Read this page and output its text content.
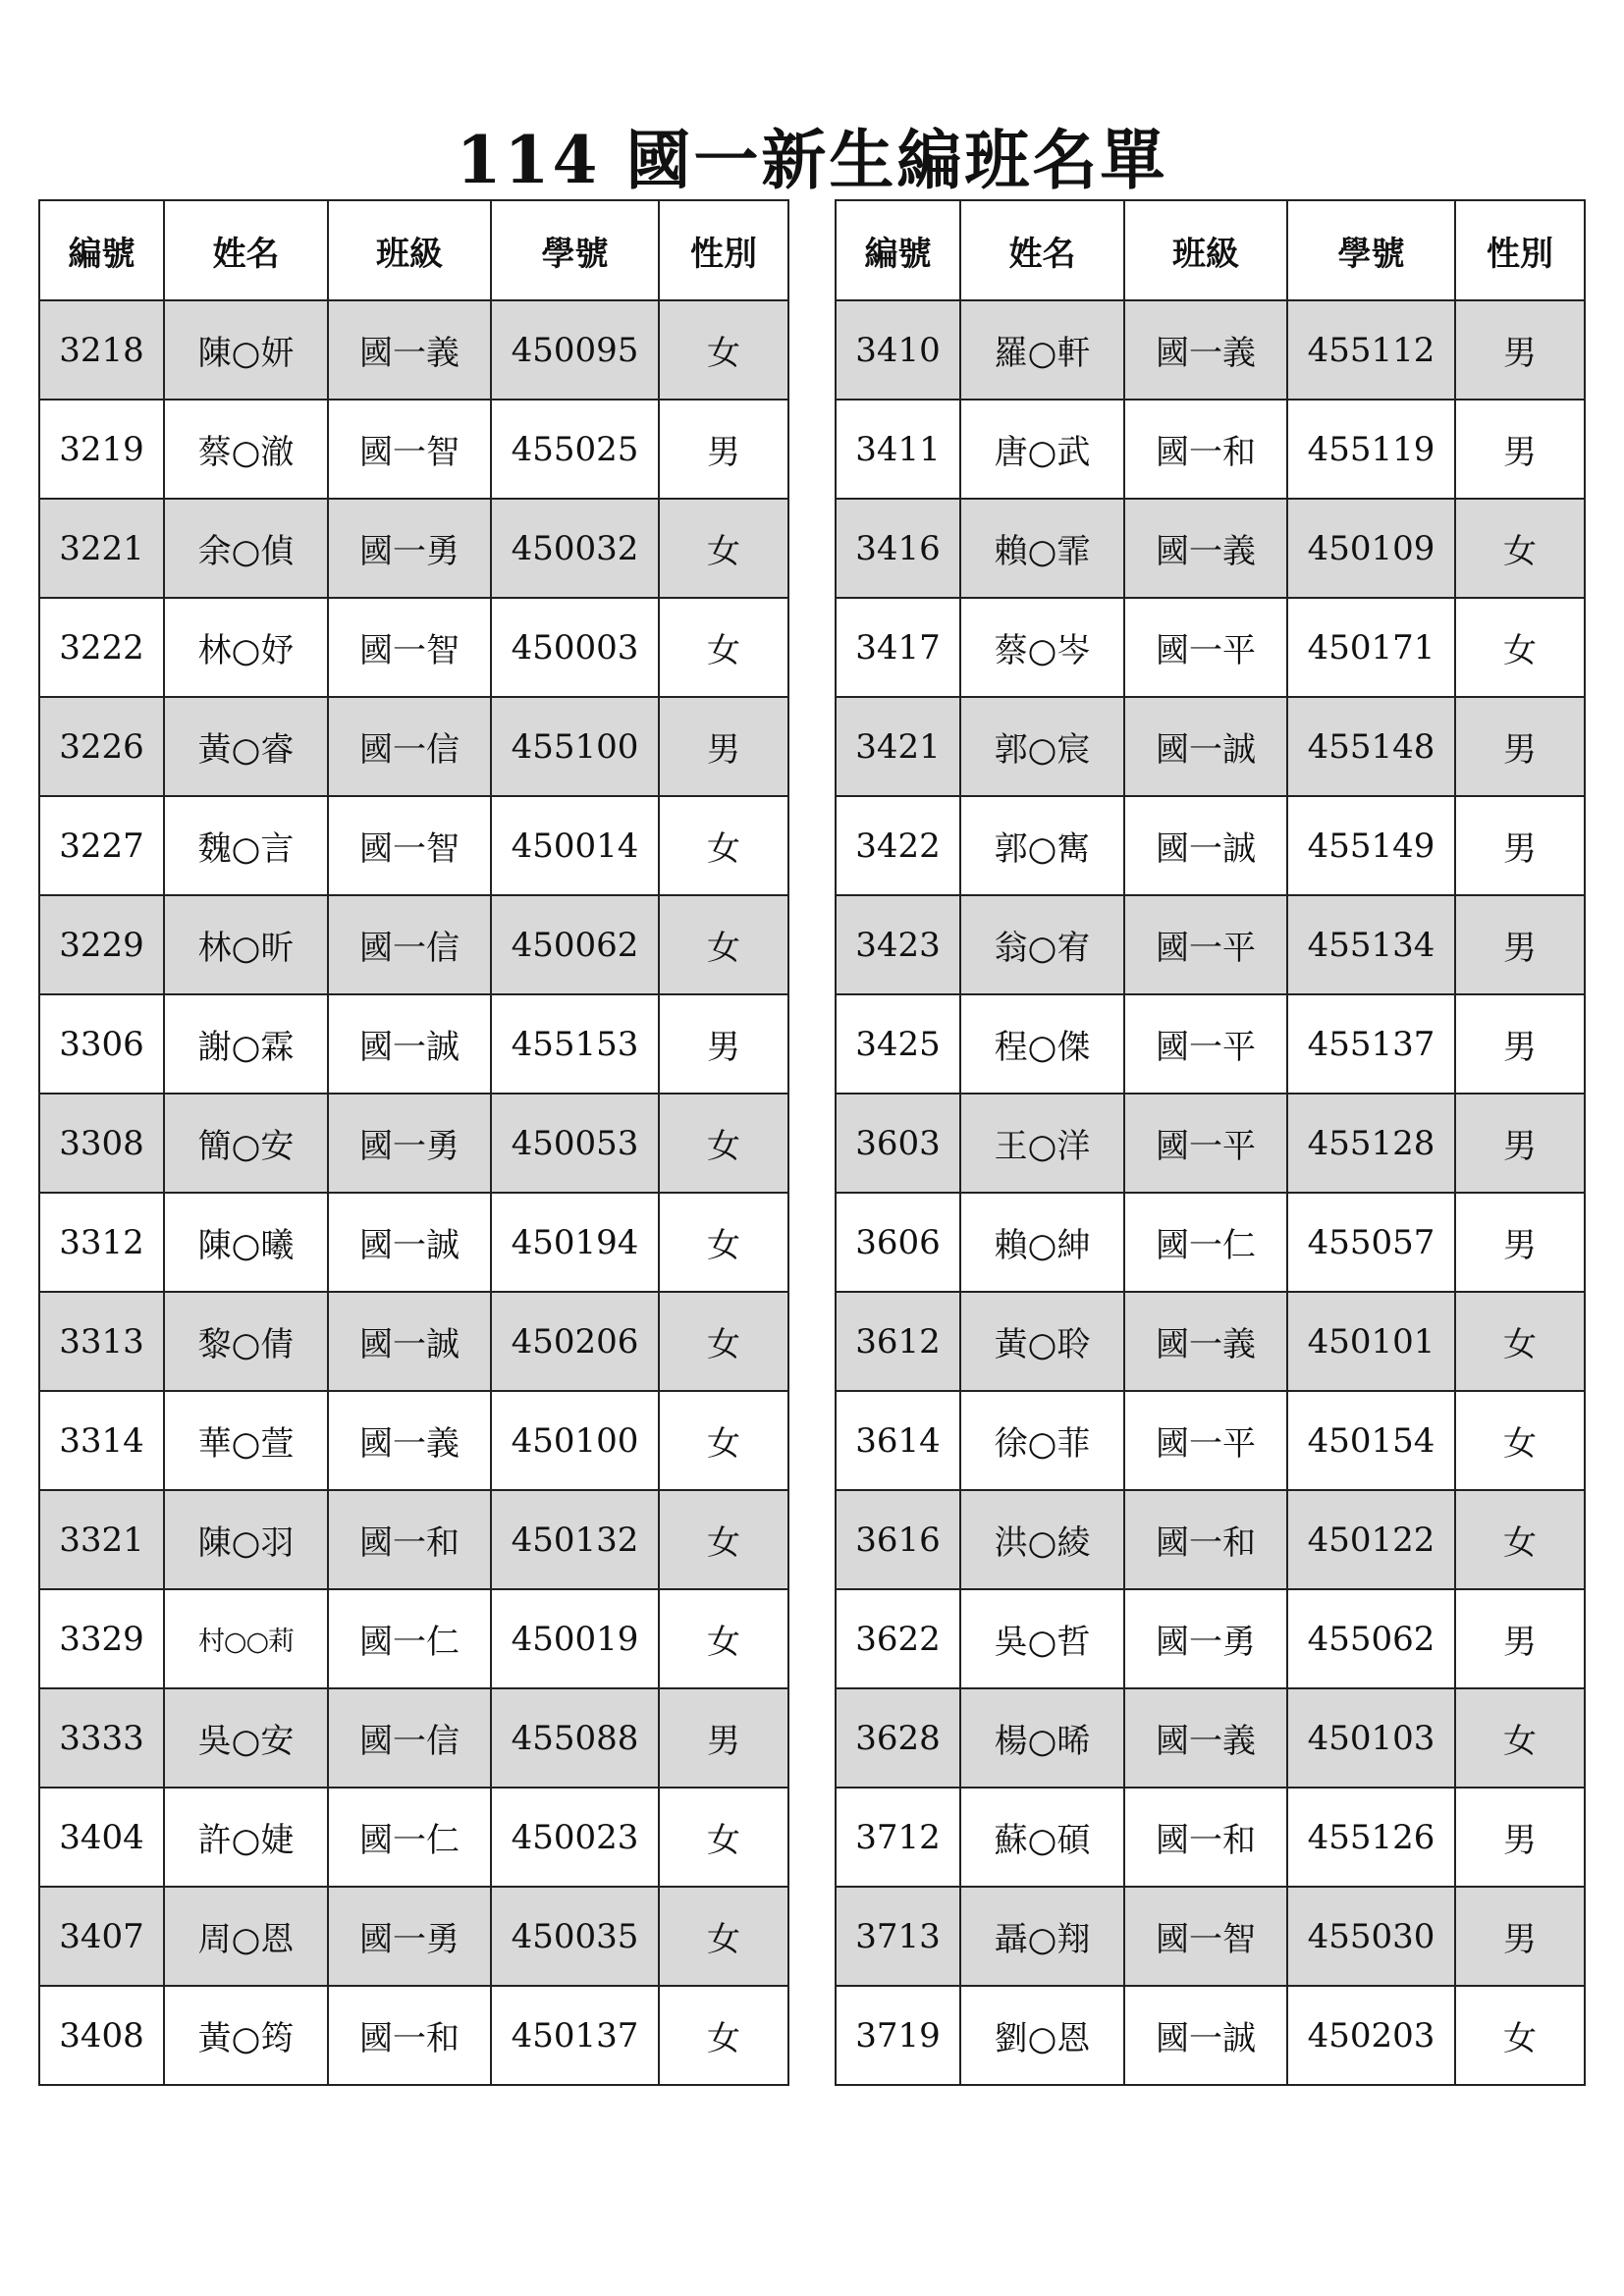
114 國一新生編班名單
編號	姓名	班級	學號	性別
3218	陳○妍	國一義	450095	女
3219	蔡○澈	國一智	455025	男
3221	余○偵	國一勇	450032	女
3222	林○妤	國一智	450003	女
3226	黃○睿	國一信	455100	男
3227	魏○言	國一智	450014	女
3229	林○昕	國一信	450062	女
3306	謝○霖	國一誠	455153	男
3308	簡○安	國一勇	450053	女
3312	陳○曦	國一誠	450194	女
3313	黎○倩	國一誠	450206	女
3314	華○萱	國一義	450100	女
3321	陳○羽	國一和	450132	女
3329	村○○莉	國一仁	450019	女
3333	吳○安	國一信	455088	男
3404	許○婕	國一仁	450023	女
3407	周○恩	國一勇	450035	女
3408	黃○筠	國一和	450137	女
編號	姓名	班級	學號	性別
3410	羅○軒	國一義	455112	男
3411	唐○武	國一和	455119	男
3416	賴○霏	國一義	450109	女
3417	蔡○岑	國一平	450171	女
3421	郭○宸	國一誠	455148	男
3422	郭○寯	國一誠	455149	男
3423	翁○宥	國一平	455134	男
3425	程○傑	國一平	455137	男
3603	王○洋	國一平	455128	男
3606	賴○紳	國一仁	455057	男
3612	黃○聆	國一義	450101	女
3614	徐○菲	國一平	450154	女
3616	洪○綾	國一和	450122	女
3622	吳○哲	國一勇	455062	男
3628	楊○晞	國一義	450103	女
3712	蘇○碩	國一和	455126	男
3713	聶○翔	國一智	455030	男
3719	劉○恩	國一誠	450203	女
